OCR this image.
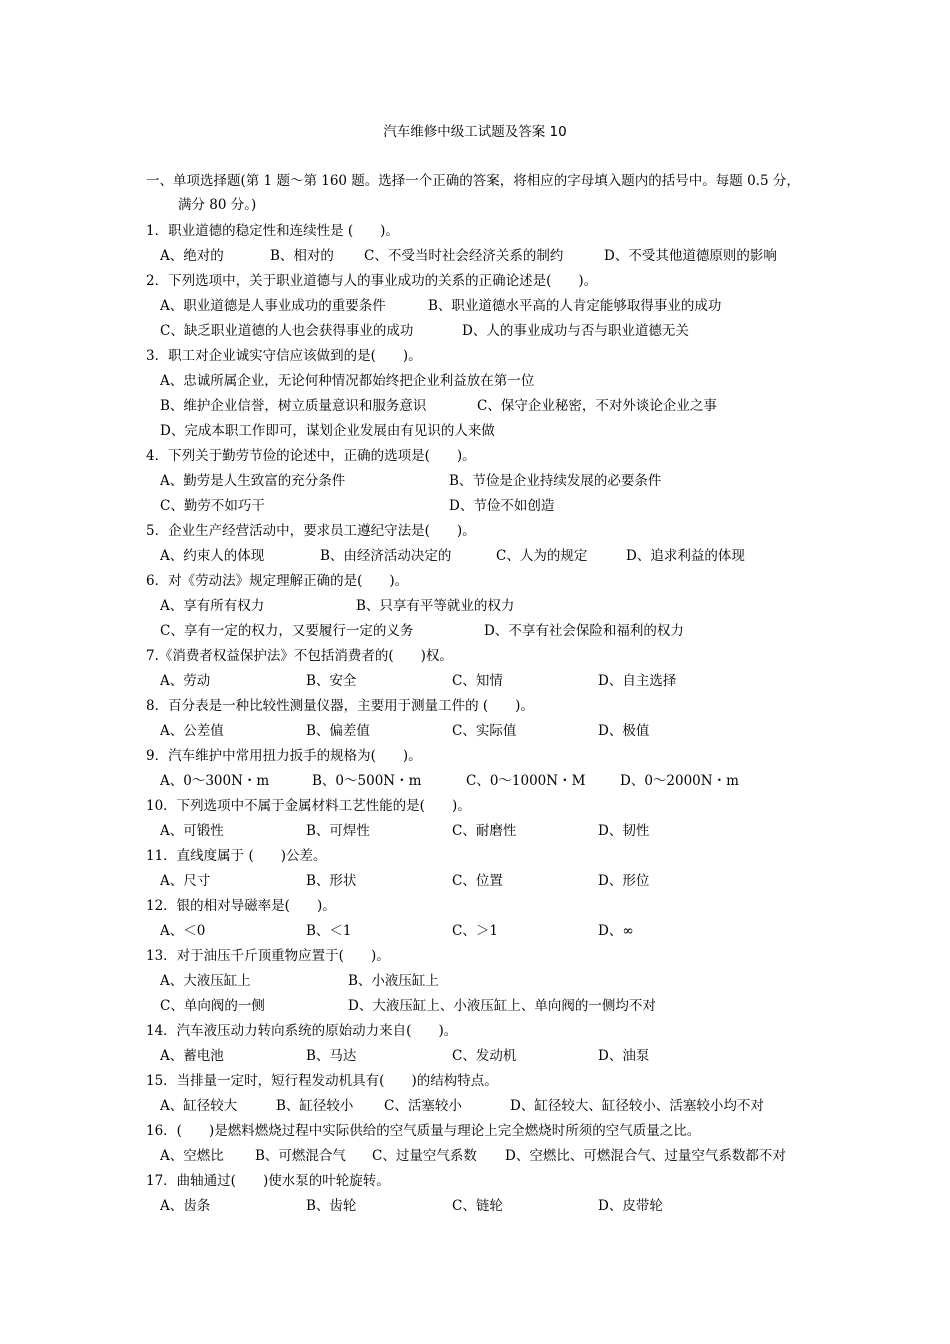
汽车维修中级工试题及答案 10
一、单项选择题(第 1 题～第 160 题。选择一个正确的答案，将相应的字母填入题内的括号中。每题 0.5 分，
满分 80 分。)
1．职业道德的稳定性和连续性是 (　　)。
A、绝对的	B、相对的 C、不受当时社会经济关系的制约	D、不受其他道德原则的影响
2．下列选项中，关于职业道德与人的事业成功的关系的正确论述是(　　)。
A、职业道德是人事业成功的重要条件	B、职业道德水平高的人肯定能够取得事业的成功
C、缺乏职业道德的人也会获得事业的成功	D、人的事业成功与否与职业道德无关
3．职工对企业诚实守信应该做到的是(　　)。
A、忠诚所属企业，无论何种情况都始终把企业利益放在第一位
B、维护企业信誉，树立质量意识和服务意识	C、保守企业秘密，不对外谈论企业之事
D、完成本职工作即可，谋划企业发展由有见识的人来做
4．下列关于勤劳节俭的论述中，正确的选项是(　　)。
A、勤劳是人生致富的充分条件	B、节俭是企业持续发展的必要条件
C、勤劳不如巧干	D、节俭不如创造
5．企业生产经营活动中，要求员工遵纪守法是(　　)。
A、约束人的体现	B、由经济活动决定的	C、人为的规定	D、追求利益的体现
6．对《劳动法》规定理解正确的是(　　)。
A、享有所有权力	B、只享有平等就业的权力
C、享有一定的权力，又要履行一定的义务	D、不享有社会保险和福利的权力
7.《消费者权益保护法》不包括消费者的(　　)权。
A、劳动	B、安全	C、知情	D、自主选择
8．百分表是一种比较性测量仪器，主要用于测量工件的 (　　)。
A、公差值	B、偏差值	C、实际值	D、极值
9．汽车维护中常用扭力扳手的规格为(　　)。
A、0～300N・m	B、0～500N・m	C、0～1000N・M	D、0～2000N・m
10．下列选项中不属于金属材料工艺性能的是(　　)。
A、可锻性	B、可焊性	C、耐磨性	D、韧性
11．直线度属于 (　　)公差。
A、尺寸	B、形状	C、位置	D、形位
12．银的相对导磁率是(　　)。
A、＜0	B、＜1	C、＞1	D、∞
13．对于油压千斤顶重物应置于(　　)。
A、大液压缸上	B、小液压缸上
C、单向阀的一侧	D、大液压缸上、小液压缸上、单向阀的一侧均不对
14．汽车液压动力转向系统的原始动力来自(　　)。
A、蓄电池	B、马达	C、发动机	D、油泵
15．当排量一定时，短行程发动机具有(　　)的结构特点。
A、缸径较大	B、缸径较小 C、活塞较小	D、缸径较大、缸径较小、活塞较小均不对
16．(　　)是燃料燃烧过程中实际供给的空气质量与理论上完全燃烧时所须的空气质量之比。
A、空燃比 B、可燃混合气 C、过量空气系数 D、空燃比、可燃混合气、过量空气系数都不对
17．曲轴通过(　　)使水泵的叶轮旋转。
A、齿条	B、齿轮	C、链轮	D、皮带轮
